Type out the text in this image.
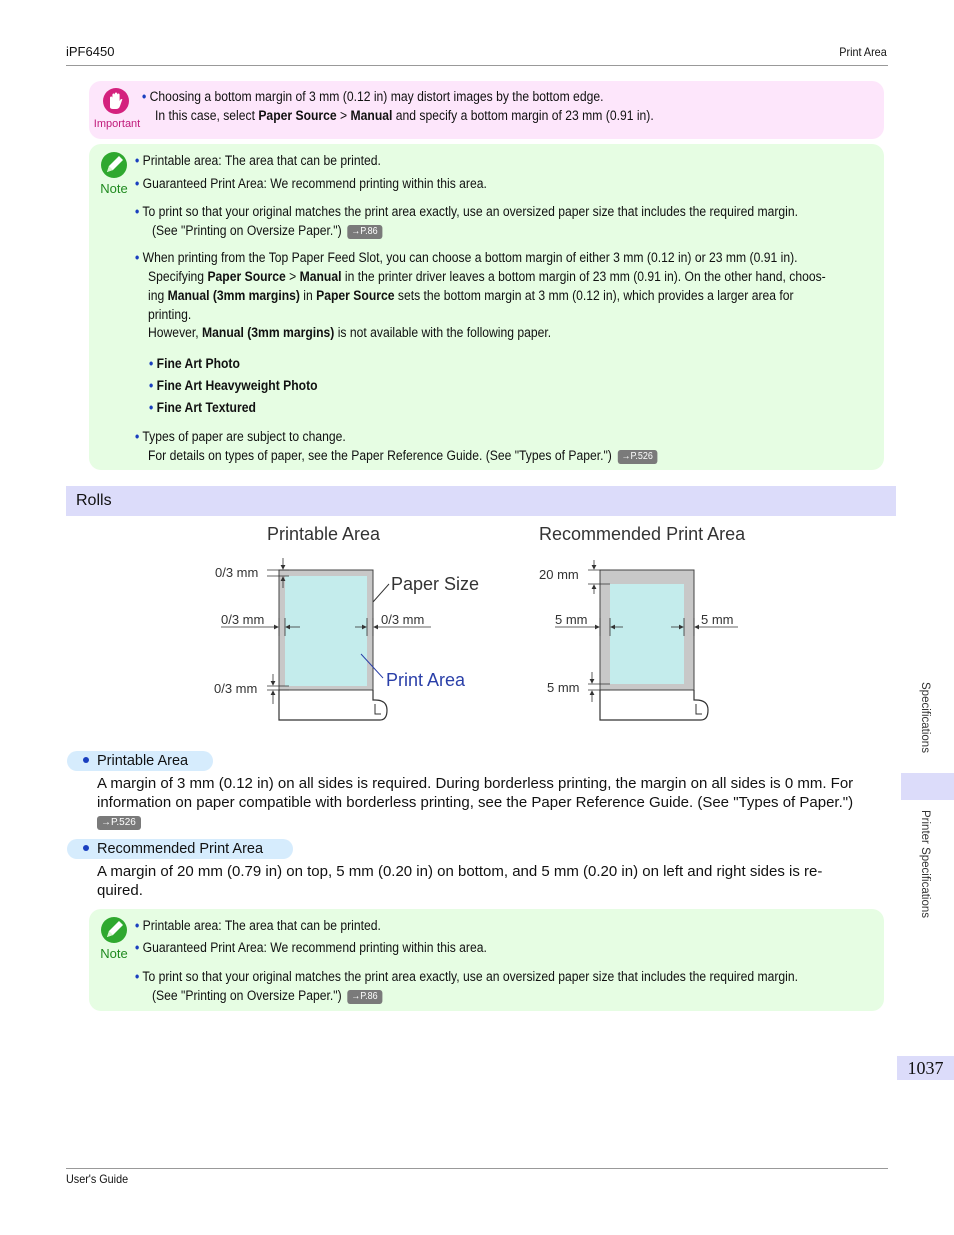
iPF6450	Print Area
Important
• Choosing a bottom margin of 3 mm (0.12 in) may distort images by the bottom edge.
In this case, select Paper Source > Manual and specify a bottom margin of 23 mm (0.91 in).
Note
• Printable area: The area that can be printed.
• Guaranteed Print Area: We recommend printing within this area.
• To print so that your original matches the print area exactly, use an oversized paper size that includes the required margin.
(See "Printing on Oversize Paper.") →P.86
• When printing from the Top Paper Feed Slot, you can choose a bottom margin of either 3 mm (0.12 in) or 23 mm (0.91 in).
Specifying Paper Source > Manual in the printer driver leaves a bottom margin of 23 mm (0.91 in). On the other hand, choos-
ing Manual (3mm margins) in Paper Source sets the bottom margin at 3 mm (0.12 in), which provides a larger area for
printing.
However, Manual (3mm margins) is not available with the following paper.
• Fine Art Photo
• Fine Art Heavyweight Photo
• Fine Art Textured
• Types of paper are subject to change.
For details on types of paper, see the Paper Reference Guide. (See "Types of Paper.") →P.526
Rolls
Printable Area
0/3 mm
0/3 mm	0/3 mm
0/3 mm
Paper Size
Print Area
Recommended Print Area
20 mm
5 mm	5 mm
5 mm
Printable Area
A margin of 3 mm (0.12 in) on all sides is required. During borderless printing, the margin on all sides is 0 mm. For
information on paper compatible with borderless printing, see the Paper Reference Guide. (See "Types of Paper.")
→P.526
Recommended Print Area
A margin of 20 mm (0.79 in) on top, 5 mm (0.20 in) on bottom, and 5 mm (0.20 in) on left and right sides is re-
quired.
Note
• Printable area: The area that can be printed.
• Guaranteed Print Area: We recommend printing within this area.
• To print so that your original matches the print area exactly, use an oversized paper size that includes the required margin.
(See "Printing on Oversize Paper.") →P.86
Specifications
Printer Specifications
1037
User's Guide
